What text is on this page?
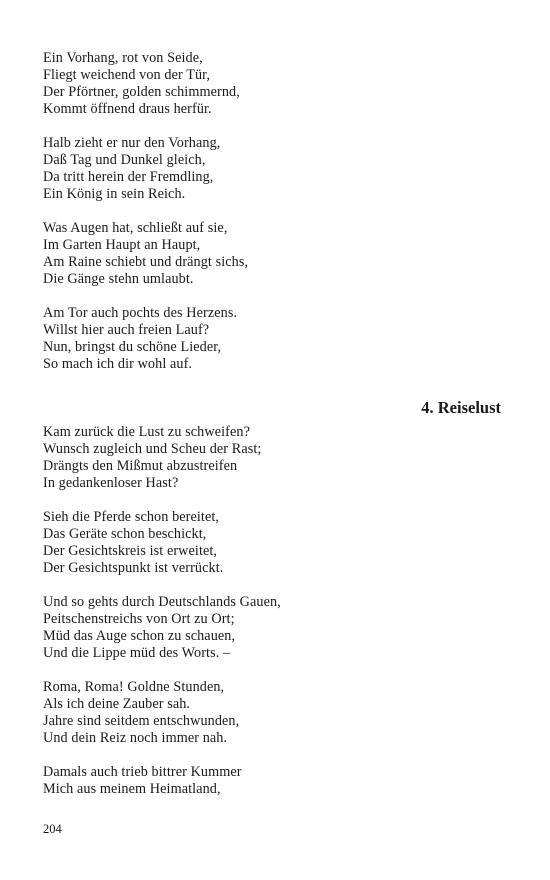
Ein Vorhang, rot von Seide,
Fliegt weichend von der Tür,
Der Pförtner, golden schimmernd,
Kommt öffnend draus herfür.
Halb zieht er nur den Vorhang,
Daß Tag und Dunkel gleich,
Da tritt herein der Fremdling,
Ein König in sein Reich.
Was Augen hat, schließt auf sie,
Im Garten Haupt an Haupt,
Am Raine schiebt und drängt sichs,
Die Gänge stehn umlaubt.
Am Tor auch pochts des Herzens.
Willst hier auch freien Lauf?
Nun, bringst du schöne Lieder,
So mach ich dir wohl auf.
4. Reiselust
Kam zurück die Lust zu schweifen?
Wunsch zugleich und Scheu der Rast;
Drängts den Mißmut abzustreifen
In gedankenloser Hast?
Sieh die Pferde schon bereitet,
Das Geräte schon beschickt,
Der Gesichtskreis ist erweitet,
Der Gesichtspunkt ist verrückt.
Und so gehts durch Deutschlands Gauen,
Peitschenstreichs von Ort zu Ort;
Müd das Auge schon zu schauen,
Und die Lippe müd des Worts. –
Roma, Roma! Goldne Stunden,
Als ich deine Zauber sah.
Jahre sind seitdem entschwunden,
Und dein Reiz noch immer nah.
Damals auch trieb bittrer Kummer
Mich aus meinem Heimatland,
204
